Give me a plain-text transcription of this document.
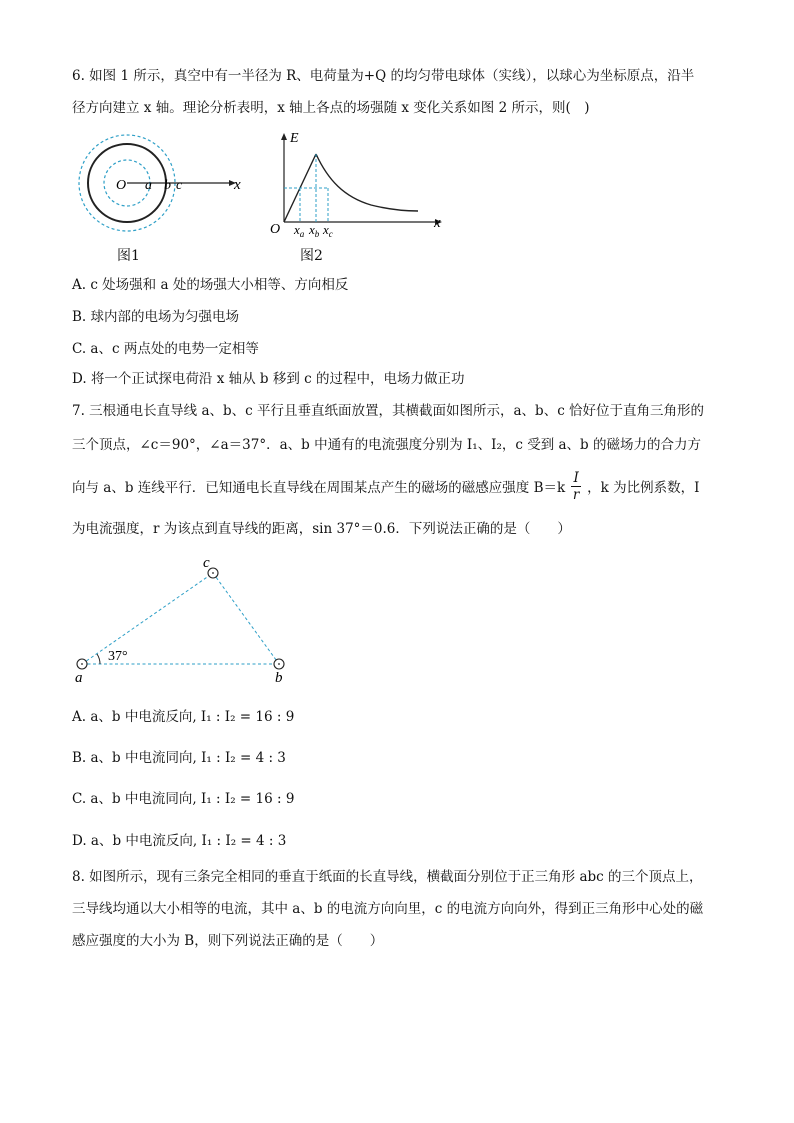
6. 如图 1 所示，真空中有一半径为 R、电荷量为+Q 的均匀带电球体（实线），以球心为坐标原点，沿半
径方向建立 x 轴。理论分析表明，x 轴上各点的场强随 x 变化关系如图 2 所示，则(　)
O a b c	x
图1
E
O	x
$x_a$ $x_b$ $x_c$
图2
A. c 处场强和 a 处的场强大小相等、方向相反
B. 球内部的电场为匀强电场
C. a、c 两点处的电势一定相等
D. 将一个正试探电荷沿 x 轴从 b 移到 c 的过程中，电场力做正功
7. 三根通电长直导线 a、b、c 平行且垂直纸面放置，其横截面如图所示，a、b、c 恰好位于直角三角形的
三个顶点，∠c＝90°，∠a＝37°．a、b 中通有的电流强度分别为 I₁、I₂，c 受到 a、b 的磁场力的合力方
向与 a、b 连线平行．已知通电长直导线在周围某点产生的磁场的磁感应强度 $B=k \frac{I}{r}$ ，k 为比例系数，I
为电流强度，r 为该点到直导线的距离，sin 37°＝0.6．下列说法正确的是（　　）
37°
a	b
c
A. a、b 中电流反向, I₁ : I₂ = 16 : 9
B. a、b 中电流同向, I₁ : I₂ = 4 : 3
C. a、b 中电流同向, I₁ : I₂ = 16 : 9
D. a、b 中电流反向, I₁ : I₂ = 4 : 3
8. 如图所示，现有三条完全相同的垂直于纸面的长直导线，横截面分别位于正三角形 abc 的三个顶点上，
三导线均通以大小相等的电流，其中 a、b 的电流方向向里，c 的电流方向向外，得到正三角形中心处的磁
感应强度的大小为 B，则下列说法正确的是（　　）
